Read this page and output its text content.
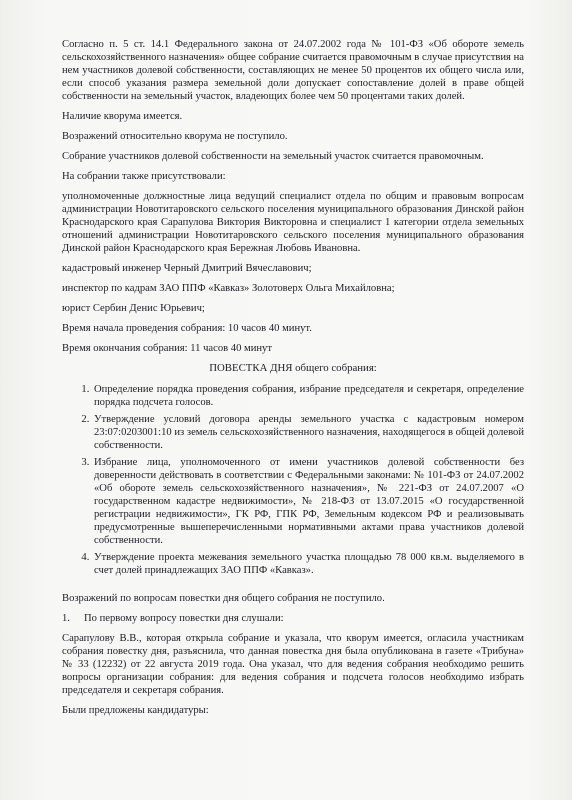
Согласно п. 5 ст. 14.1 Федерального закона от 24.07.2002 года № 101-ФЗ «Об обороте земель сельскохозяйственного назначения» общее собрание считается правомочным в случае присутствия на нем участников долевой собственности, составляющих не менее 50 процентов их общего числа или, если способ указания размера земельной доли допускает сопоставление долей в праве общей собственности на земельный участок, владеющих более чем 50 процентами таких долей.

Наличие кворума имеется.

Возражений относительно кворума не поступило.

Собрание участников долевой собственности на земельный участок считается правомочным.

На собрании также присутствовали:

уполномоченные должностные лица ведущий специалист отдела по общим и правовым вопросам администрации Новотитаровского сельского поселения муниципального образования Динской район Краснодарского края Сарапулова Виктория Викторовна и специалист 1 категории отдела земельных отношений администрации Новотитаровского сельского поселения муниципального образования Динской район Краснодарского края Бережная Любовь Ивановна.

кадастровый инженер Черный Дмитрий Вячеславович;

инспектор по кадрам ЗАО ППФ «Кавказ» Золотоверх Ольга Михайловна;

юрист Сербин Денис Юрьевич;

Время начала проведения собрания: 10 часов 40 минут.

Время окончания собрания: 11 часов 40 минут

ПОВЕСТКА ДНЯ общего собрания:
1. Определение порядка проведения собрания, избрание председателя и секретаря, определение порядка подсчета голосов.
2. Утверждение условий договора аренды земельного участка с кадастровым номером 23:07:0203001:10 из земель сельскохозяйственного назначения, находящегося в общей долевой собственности.
3. Избрание лица, уполномоченного от имени участников долевой собственности без доверенности действовать в соответствии с Федеральными законами: № 101-ФЗ от 24.07.2002 «Об обороте земель сельскохозяйственного назначения», № 221-ФЗ от 24.07.2007 «О государственном кадастре недвижимости», № 218-ФЗ от 13.07.2015 «О государственной регистрации недвижимости», ГК РФ, ГПК РФ, Земельным кодексом РФ и реализовывать предусмотренные вышеперечисленными нормативными актами права участников долевой собственности.
4. Утверждение проекта межевания земельного участка площадью 78 000 кв.м. выделяемого в счет долей принадлежащих ЗАО ППФ «Кавказ».

Возражений по вопросам повестки дня общего собрания не поступило.

1.	По первому вопросу повестки дня слушали:

Сарапулову В.В., которая открыла собрание и указала, что кворум имеется, огласила участникам собрания повестку дня, разъяснила, что данная повестка дня была опубликована в газете «Трибуна» № 33 (12232) от 22 августа 2019 года. Она указал, что для ведения собрания необходимо решить вопросы организации собрания: для ведения собрания и подсчета голосов необходимо избрать председателя и секретаря собрания.

Были предложены кандидатуры:
